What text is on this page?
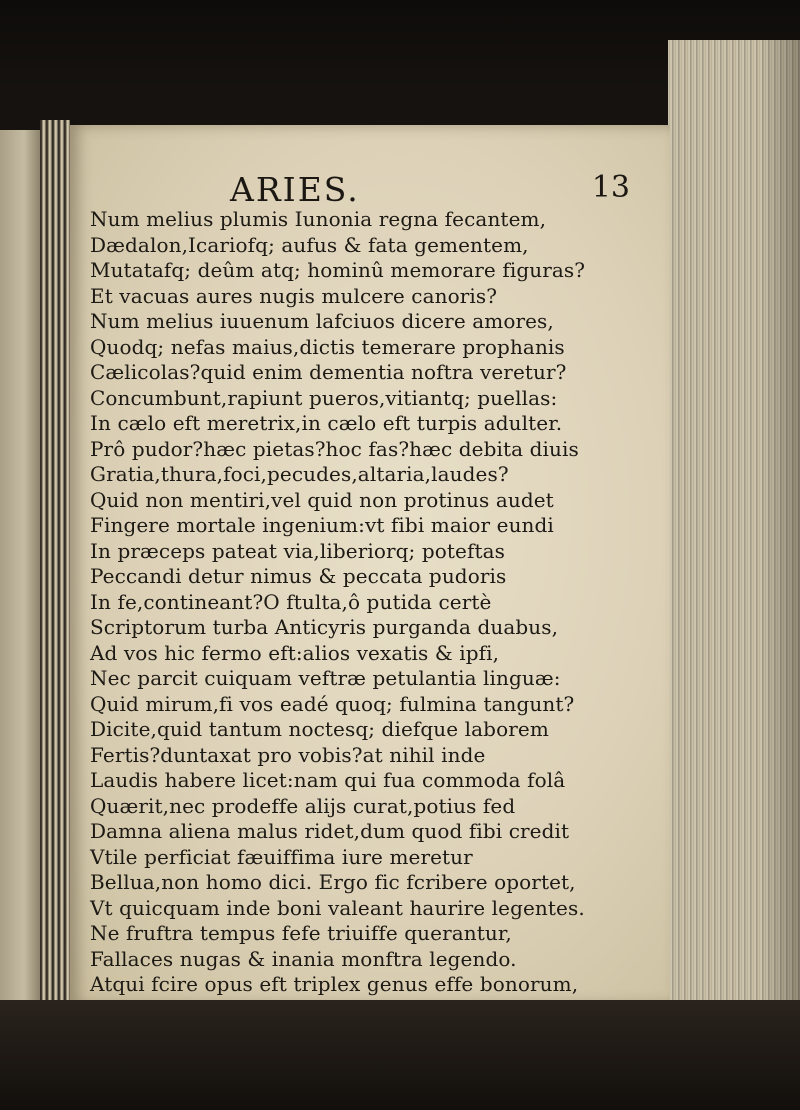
ARIES.	13
Num melius plumis Iunonia regna fecantem,
Dædalon,Icariofq; aufus & fata gementem,
Mutatafq; deûm atq; hominû memorare figuras?
Et vacuas aures nugis mulcere canoris?
Num melius iuuenum lafciuos dicere amores,
Quodq; nefas maius,dictis temerare prophanis
Cælicolas?quid enim dementia noftra veretur?
Concumbunt,rapiunt pueros,vitiantq; puellas:
In cælo eft meretrix,in cælo eft turpis adulter.
Prô pudor?hæc pietas?hoc fas?hæc debita diuis
Gratia,thura,foci,pecudes,altaria,laudes?
Quid non mentiri,vel quid non protinus audet
Fingere mortale ingenium:vt fibi maior eundi
In præceps pateat via,liberiorq; poteftas
Peccandi detur nimus & peccata pudoris
In fe,contineant?O ftulta,ô putida certè
Scriptorum turba Anticyris purganda duabus,
Ad vos hic fermo eft:alios vexatis & ipfi,
Nec parcit cuiquam veftræ petulantia linguæ:
Quid mirum,fi vos eadé quoq; fulmina tangunt?
Dicite,quid tantum noctesq; diefque laborem
Fertis?duntaxat pro vobis?at nihil inde
Laudis habere licet:nam qui fua commoda folâ
Quærit,nec prodeffe alijs curat,potius fed
Damna aliena malus ridet,dum quod fibi credit
Vtile perficiat fæuiffima iure meretur
Bellua,non homo dici. Ergo fic fcribere oportet,
Vt quicquam inde boni valeant haurire legentes.
Ne fruftra tempus fefe triuiffe querantur,
Fallaces nugas & inania monftra legendo.
Atqui fcire opus eft triplex genus effe bonorum,
